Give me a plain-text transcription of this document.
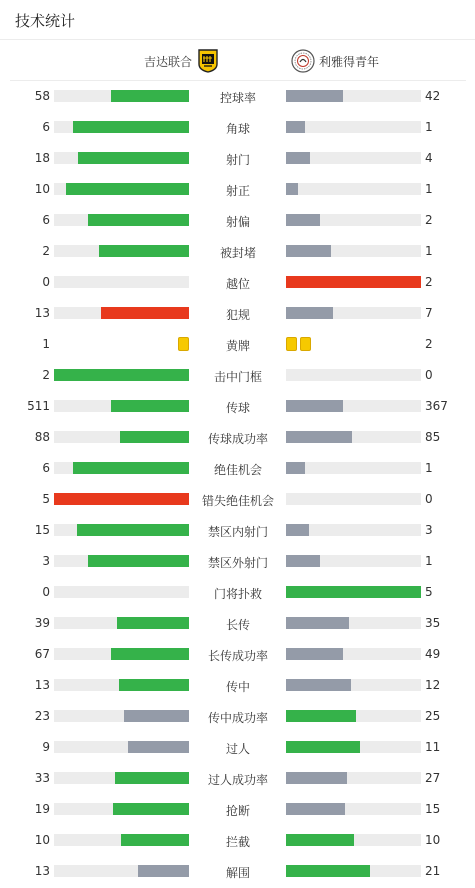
技术统计
吉达联合	利雅得青年
58	控球率	42
6	角球	1
18	射门	4
10	射正	1
6	射偏	2
2	被封堵	1
0	越位	2
13	犯规	7
1	黄牌	2
2	击中门框	0
511	传球	367
88	传球成功率	85
6	绝佳机会	1
5	错失绝佳机会	0
15	禁区内射门	3
3	禁区外射门	1
0	门将扑救	5
39	长传	35
67	长传成功率	49
13	传中	12
23	传中成功率	25
9	过人	11
33	过人成功率	27
19	抢断	15
10	拦截	10
13	解围	21
